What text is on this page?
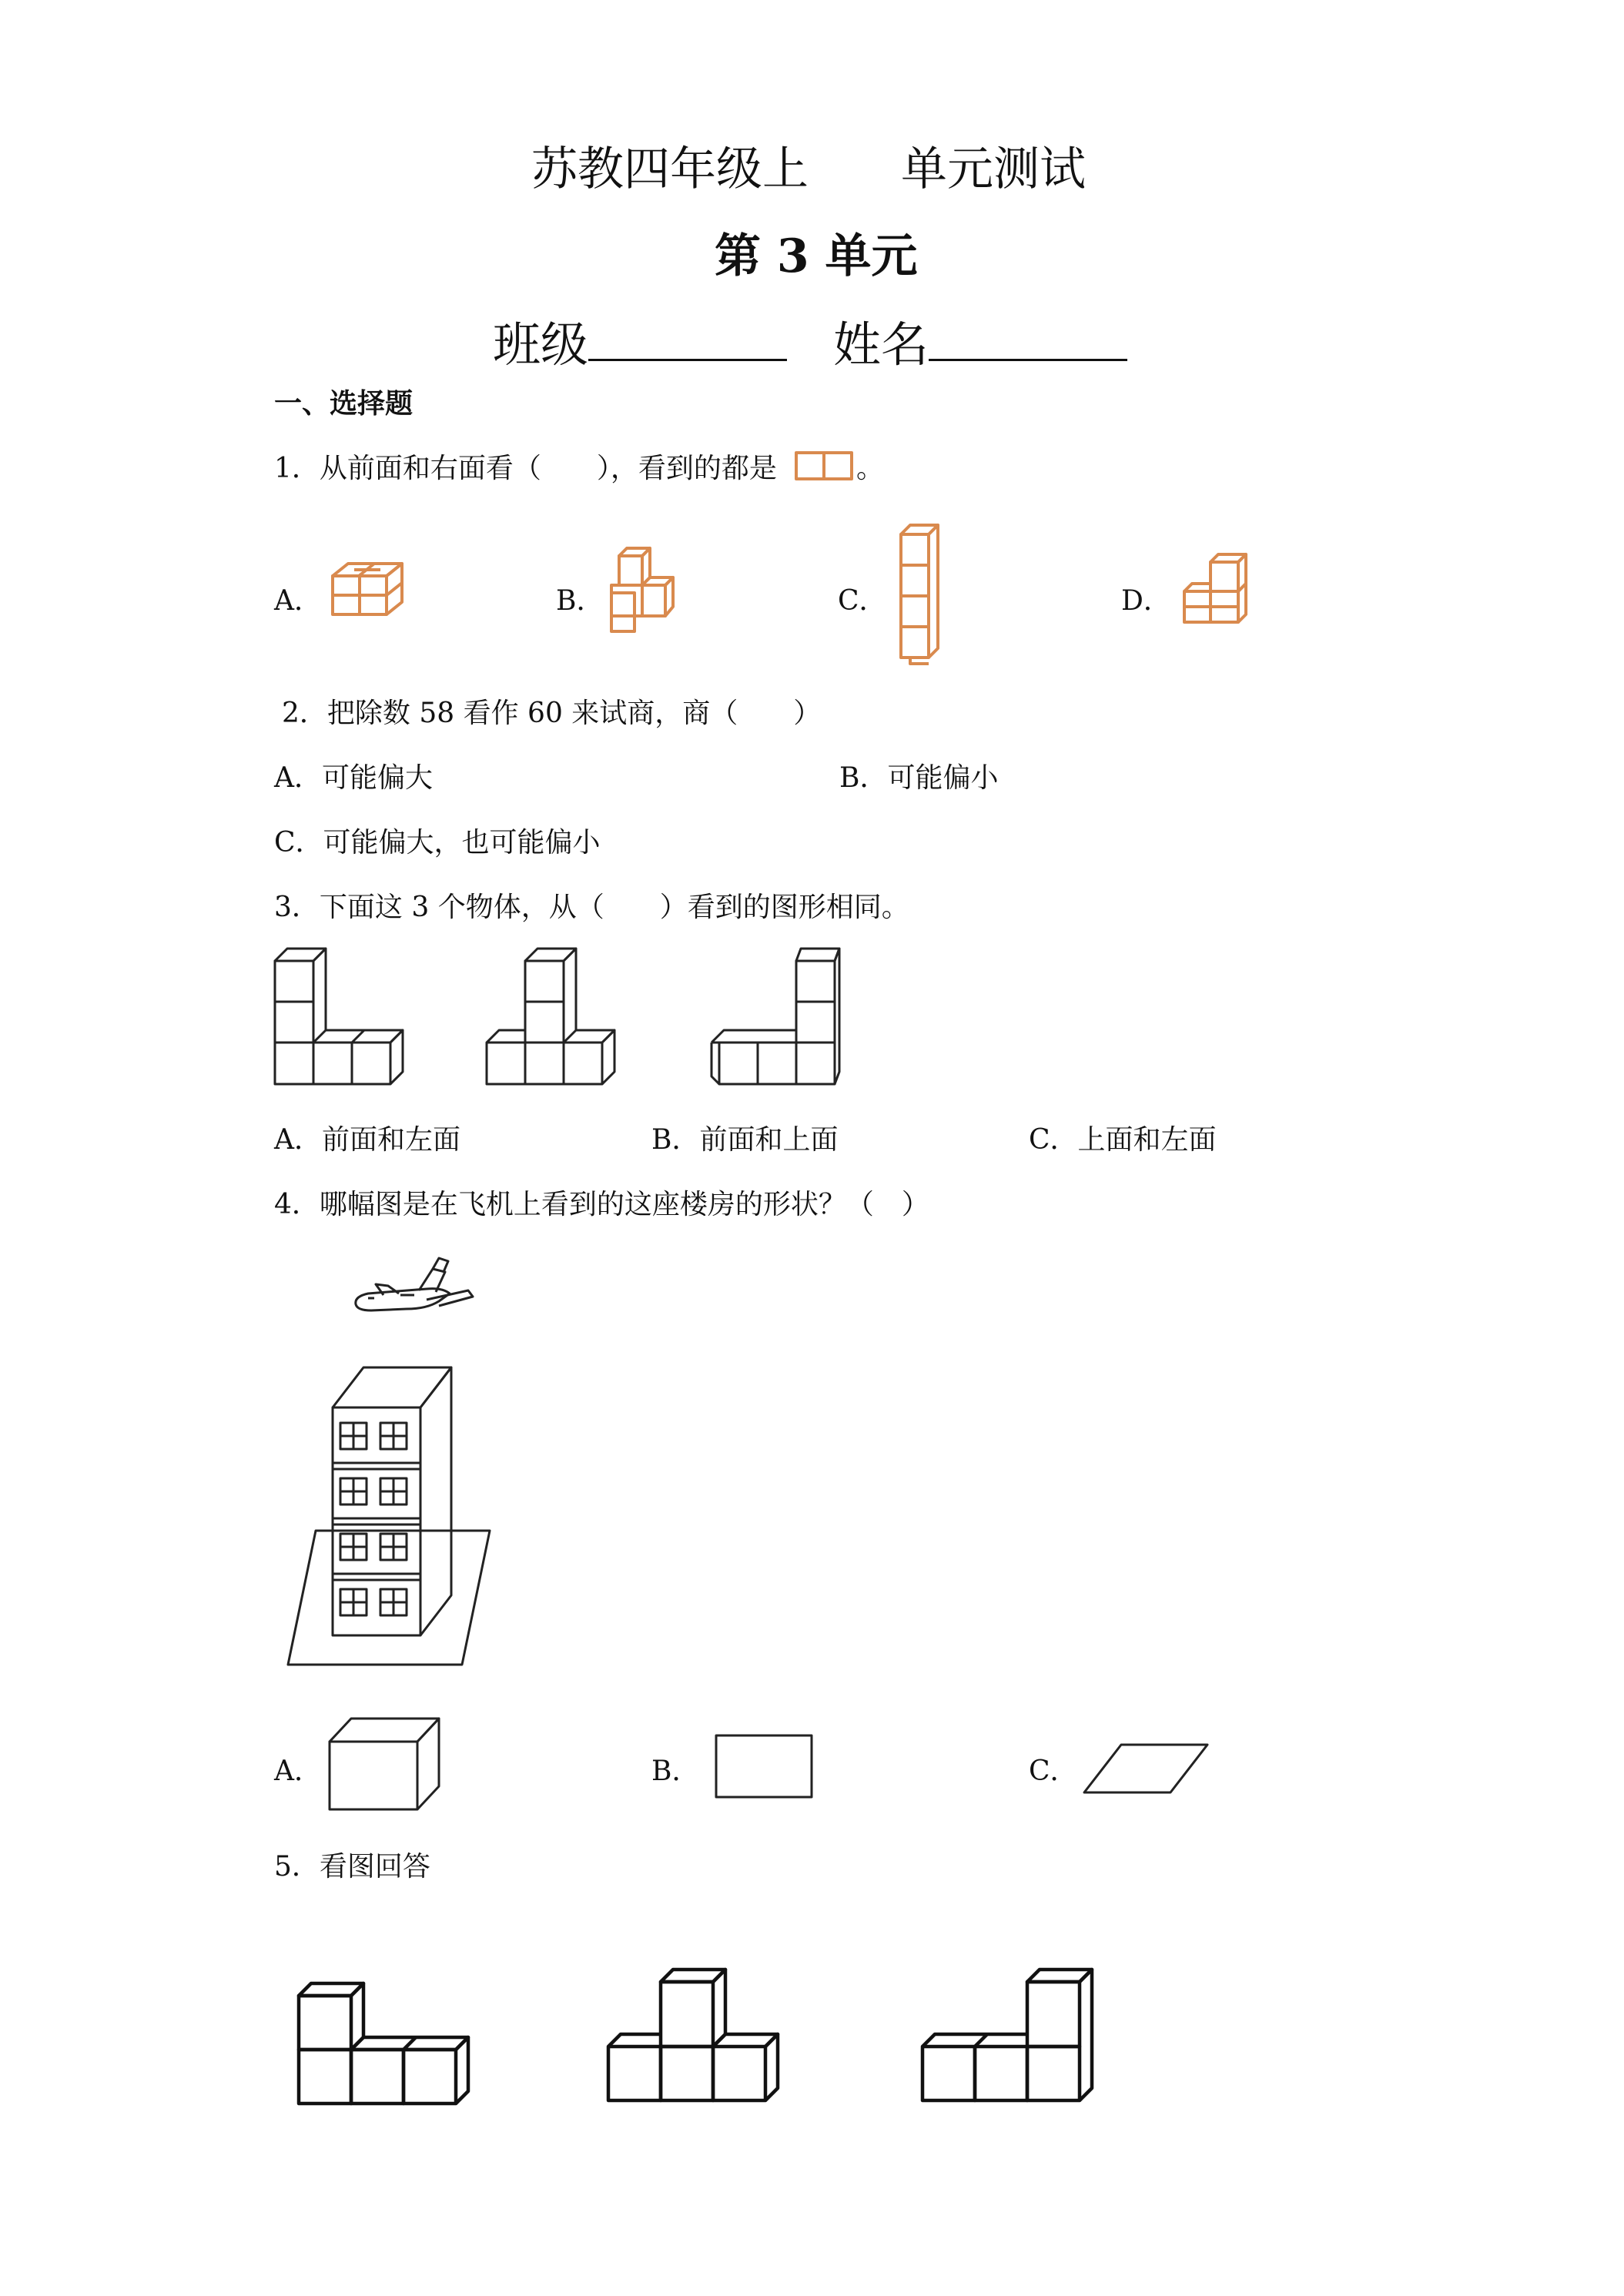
苏教四年级上 单元测试
第 3 单元
班级	姓名
一、选择题
1．从前面和右面看（　　），看到的都是	。
A．	B．	C．	D．
2．把除数 58 看作 60 来试商，商（　　）
A．可能偏大	B．可能偏小
C．可能偏大，也可能偏小
3．下面这 3 个物体，从（　　）看到的图形相同。
A．前面和左面	B．前面和上面	C．上面和左面
4．哪幅图是在飞机上看到的这座楼房的形状？（　）
A．	B．	C．
5．看图回答
